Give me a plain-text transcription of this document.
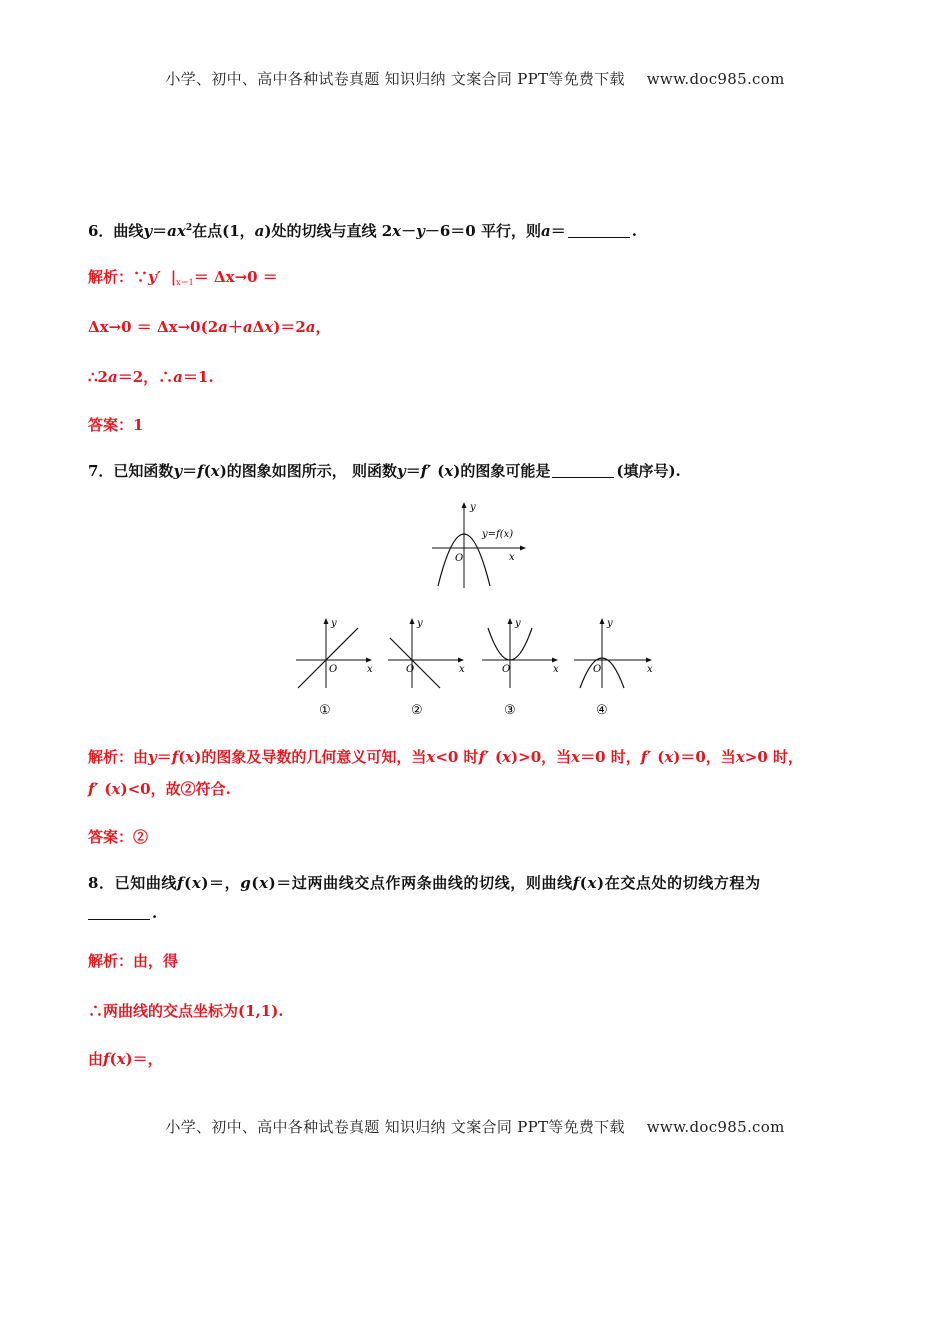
小学、初中、高中各种试卷真题 知识归纳 文案合同 PPT等免费下载 www.doc985.com
6．曲线$y=ax^2$在点(1，a)处的切线与直线 2x－y－6＝0 平行，则a＝	.
解析：∵y′ $|_{x=1}= \Delta x\to 0$ ＝
Δx→0 ＝ Δx→0(2a＋aΔx)＝2a，
∴2a＝2，∴a＝1.
答案：1
7．已知函数y＝f(x)的图象如图所示， 则函数y＝f′ (x)的图象可能是	(填序号).
y
x
O
y=f(x)
y
x
O
①
y
x
O
②
y
x
O
③
y
x
O
④
解析：由y＝f(x)的图象及导数的几何意义可知，当x<0 时f′ (x)>0，当x＝0 时，f′ (x)＝0，当x>0 时，
f′ (x)<0，故②符合.
答案：②
8．已知曲线f(x)＝，g(x)＝过两曲线交点作两条曲线的切线，则曲线f(x)在交点处的切线方程为
.
解析：由，得
∴两曲线的交点坐标为(1,1).
由f(x)＝，
小学、初中、高中各种试卷真题 知识归纳 文案合同 PPT等免费下载 www.doc985.com
